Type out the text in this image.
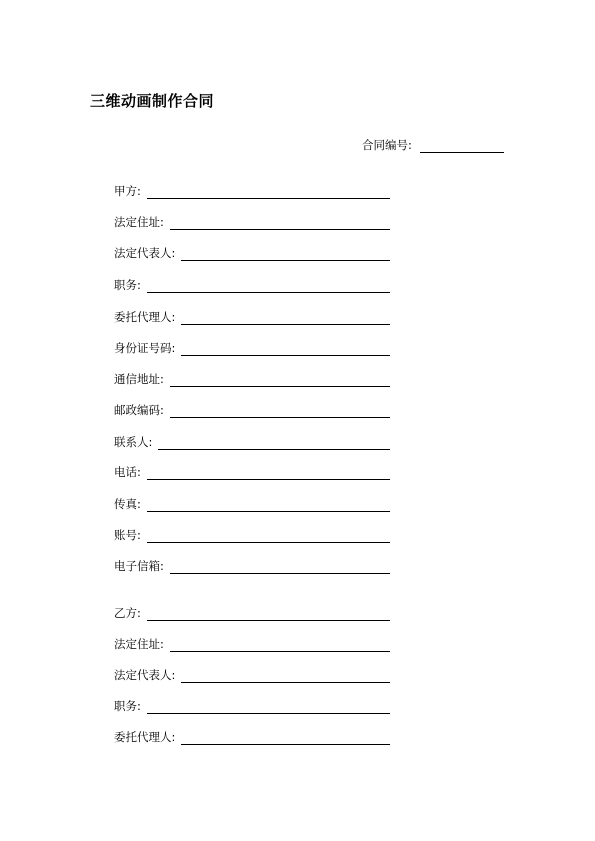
三维动画制作合同
合同编号:
甲方:
法定住址:
法定代表人:
职务:
委托代理人:
身份证号码:
通信地址:
邮政编码:
联系人:
电话:
传真:
账号:
电子信箱:
乙方:
法定住址:
法定代表人:
职务:
委托代理人:
